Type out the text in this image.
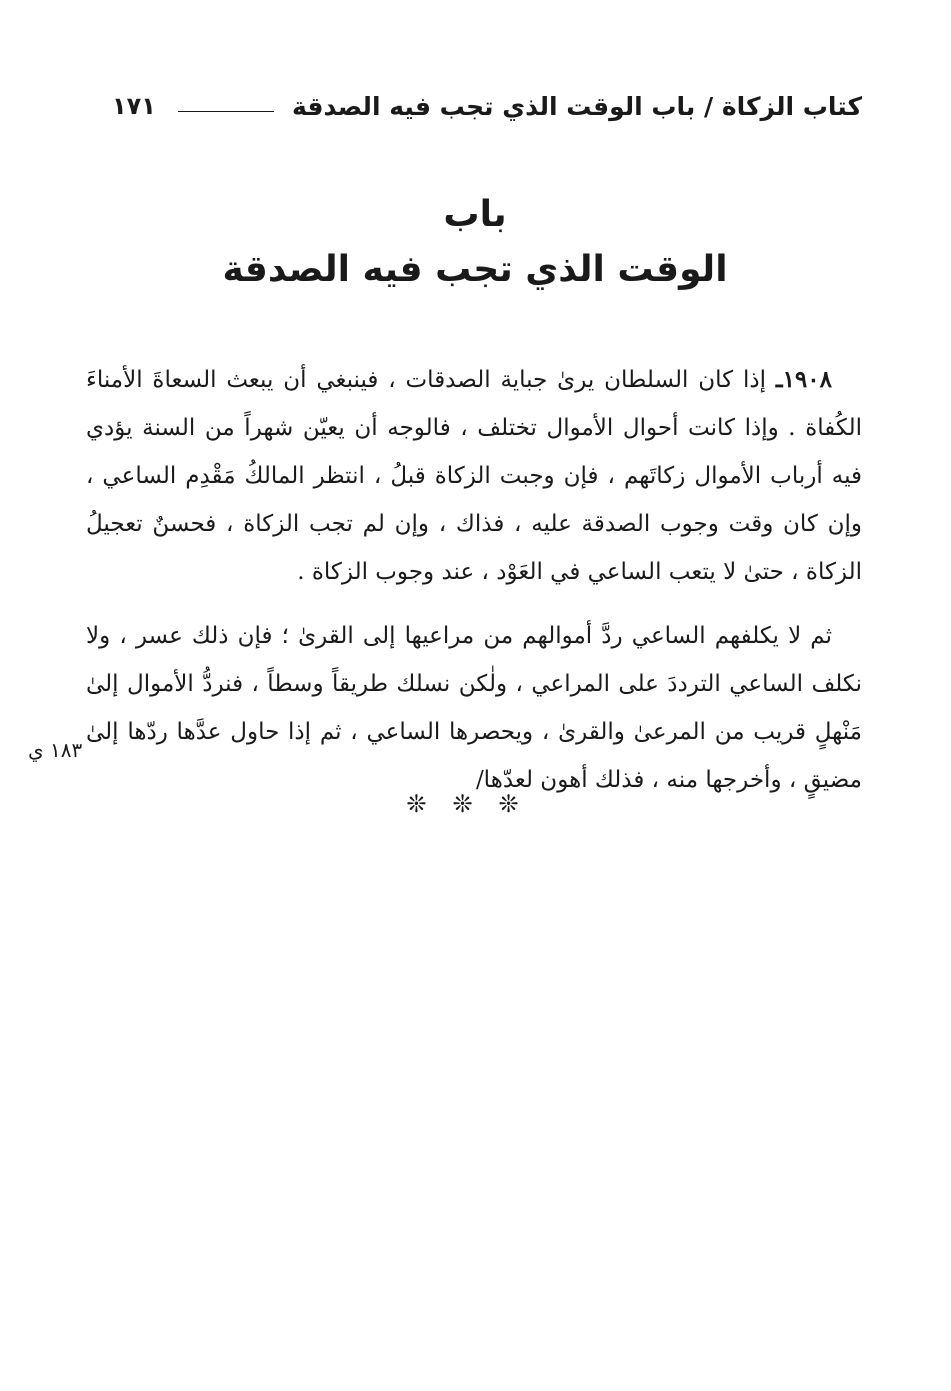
كتاب الزكاة / باب الوقت الذي تجب فيه الصدقة
١٧١
باب
الوقت الذي تجب فيه الصدقة

١٩٠٨ـ إذا كان السلطان يرىٰ جباية الصدقات ، فينبغي أن يبعث السعاةَ الأمناءَ الكُفاة . وإذا كانت أحوال الأموال تختلف ، فالوجه أن يعيّن شهراً من السنة يؤدي فيه أرباب الأموال زكاتَهم ، فإن وجبت الزكاة قبلُ ، انتظر المالكُ مَقْدِم الساعي ، وإن كان وقت وجوب الصدقة عليه ، فذاك ، وإن لم تجب الزكاة ، فحسنٌ تعجيلُ الزكاة ، حتىٰ لا يتعب الساعي في العَوْد ، عند وجوب الزكاة .

ثم لا يكلفهم الساعي ردَّ أموالهم من مراعيها إلى القرىٰ ؛ فإن ذلك عسر ، ولا نكلف الساعي الترددَ على المراعي ، ولٰكن نسلك طريقاً وسطاً ، فنردُّ الأموال إلىٰ مَنْهلٍ قريب من المرعىٰ والقرىٰ ، ويحصرها الساعي ، ثم إذا حاول عدَّها ردّها إلىٰ مضيقٍ ، وأخرجها منه ، فذلك أهون لعدّها/

١٨٣ ي
❊❊❊
